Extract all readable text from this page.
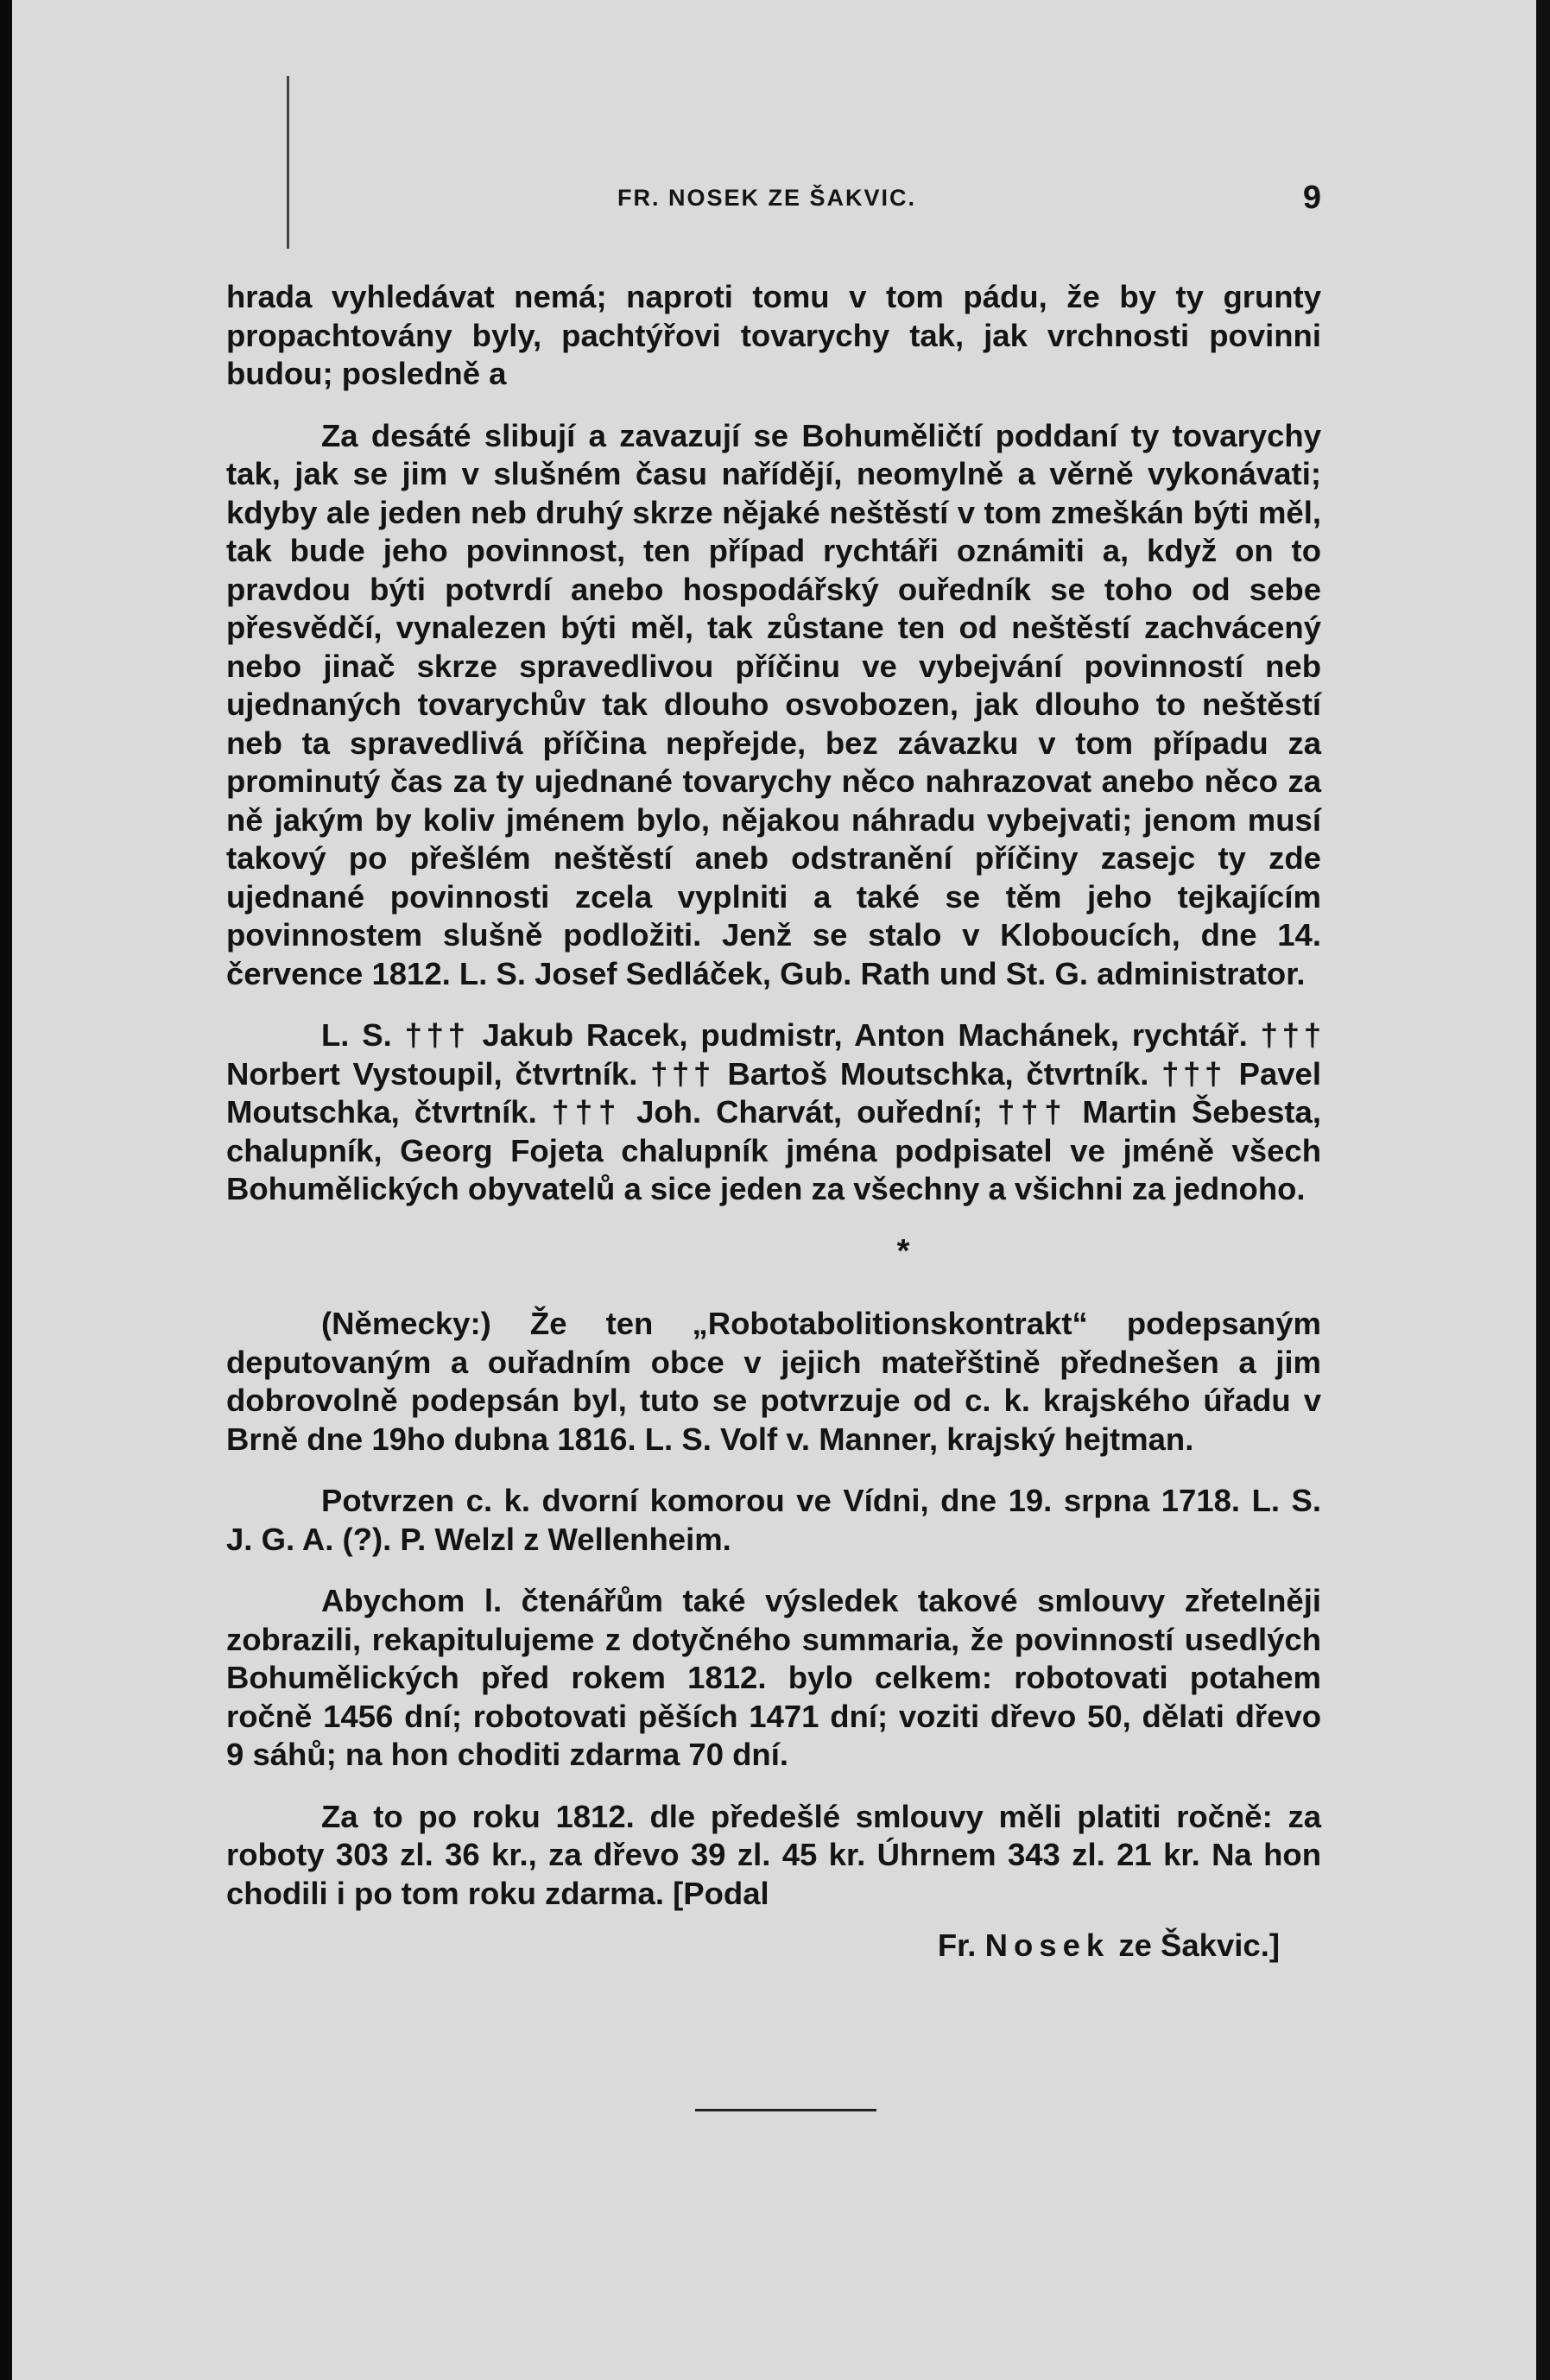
FR. NOSEK ZE ŠAKVIC.	9

hrada vyhledávat nemá; naproti tomu v tom pádu, že by ty grunty propachtovány byly, pachtýřovi tovarychy tak, jak vrchnosti povinni budou; posledně a

Za desáté slibují a zavazují se Bohuměličtí poddaní ty tovarychy tak, jak se jim v slušném času nařídějí, neomylně a věrně vykonávati; kdyby ale jeden neb druhý skrze nějaké neštěstí v tom zmeškán býti měl, tak bude jeho povinnost, ten případ rychtáři oznámiti a, když on to pravdou býti potvrdí anebo hospodářský ouředník se toho od sebe přesvědčí, vynalezen býti měl, tak zůstane ten od neštěstí zachvácený nebo jinač skrze spravedlivou příčinu ve vybejvání povinností neb ujednaných tovarychův tak dlouho osvobozen, jak dlouho to neštěstí neb ta spravedlivá příčina nepřejde, bez závazku v tom případu za prominutý čas za ty ujednané tovarychy něco nahrazovat anebo něco za ně jakým by koliv jménem bylo, nějakou náhradu vybejvati; jenom musí takový po přešlém neštěstí aneb odstranění příčiny zasejc ty zde ujednané povinnosti zcela vyplniti a také se těm jeho tejkajícím povinnostem slušně podložiti. Jenž se stalo v Kloboucích, dne 14. července 1812. L. S. Josef Sedláček, Gub. Rath und St. G. administrator.

L. S. ††† Jakub Racek, pudmistr, Anton Machánek, rychtář. ††† Norbert Vystoupil, čtvrtník. ††† Bartoš Moutschka, čtvrtník. ††† Pavel Moutschka, čtvrtník. ††† Joh. Charvát, ouřední; ††† Martin Šebesta, chalupník, Georg Fojeta chalupník jména podpisatel ve jméně všech Bohumělických obyvatelů a sice jeden za všechny a všichni za jednoho.

*

(Německy:) Že ten „Robotabolitionskontrakt“ podepsaným deputovaným a ouřadním obce v jejich mateřštině přednešen a jim dobrovolně podepsán byl, tuto se potvrzuje od c. k. krajského úřadu v Brně dne 19ho dubna 1816. L. S. Volf v. Manner, krajský hejtman.

Potvrzen c. k. dvorní komorou ve Vídni, dne 19. srpna 1718. L. S. J. G. A. (?). P. Welzl z Wellenheim.

Abychom l. čtenářům také výsledek takové smlouvy zřetelněji zobrazili, rekapitulujeme z dotyčného summaria, že povinností usedlých Bohumělických před rokem 1812. bylo celkem: robotovati potahem ročně 1456 dní; robotovati pěších 1471 dní; voziti dřevo 50, dělati dřevo 9 sáhů; na hon choditi zdarma 70 dní.

Za to po roku 1812. dle předešlé smlouvy měli platiti ročně: za roboty 303 zl. 36 kr., za dřevo 39 zl. 45 kr. Úhrnem 343 zl. 21 kr. Na hon chodili i po tom roku zdarma. [Podal

Fr. Nosek ze Šakvic.]
